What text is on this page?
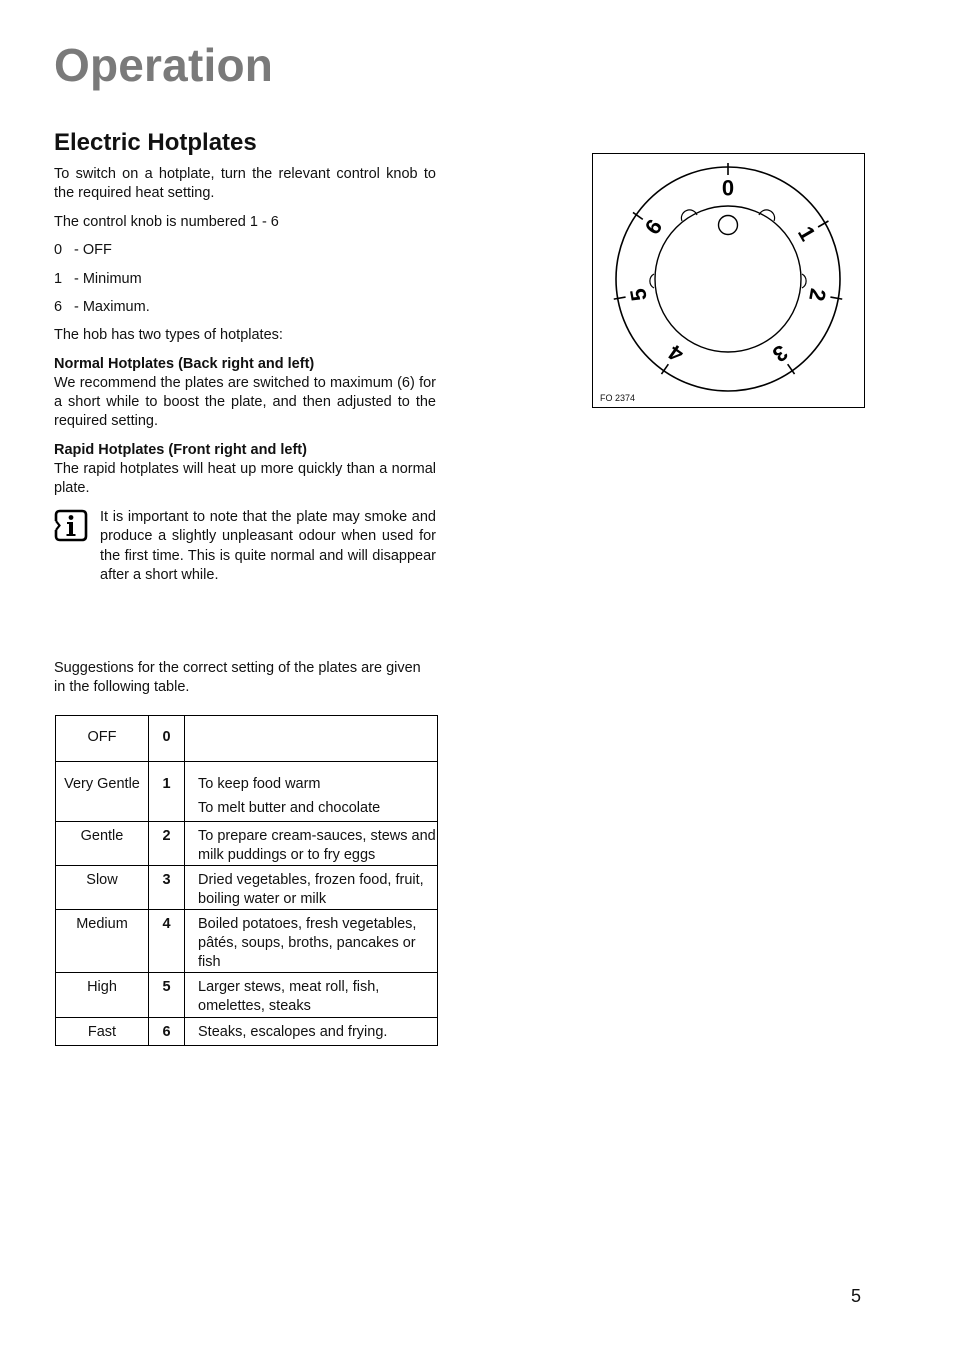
Operation
Electric Hotplates
To switch on a hotplate, turn the relevant control knob to the required heat setting.
The control knob is numbered 1 - 6
0 - OFF
1 - Minimum
6 - Maximum.
The hob has two types of hotplates:
Normal Hotplates (Back right and left)
We recommend the plates are switched to maximum (6) for a short while to boost the plate, and then adjusted to the required setting.
Rapid Hotplates (Front right and left)
The rapid hotplates will heat up more quickly than a normal plate.
It is important to note that the plate may smoke and produce a slightly unpleasant odour when used for the first time. This is quite normal and will disappear after a short while.
Suggestions for the correct setting of the plates are given in the following table.
OFF	0	
Very Gentle	1	To keep food warm
To melt butter and chocolate

Gentle	2	To prepare cream-sauces, stews and milk puddings or to fry eggs
Slow	3	Dried vegetables, frozen food, fruit, boiling water or milk
Medium	4	Boiled potatoes, fresh vegetables, pâtés, soups, broths, pancakes or fish
High	5	Larger stews, meat roll, fish, omelettes, steaks
Fast	6	Steaks, escalopes and frying.
0
1
2
3
4
5
6
FO 2374
5
